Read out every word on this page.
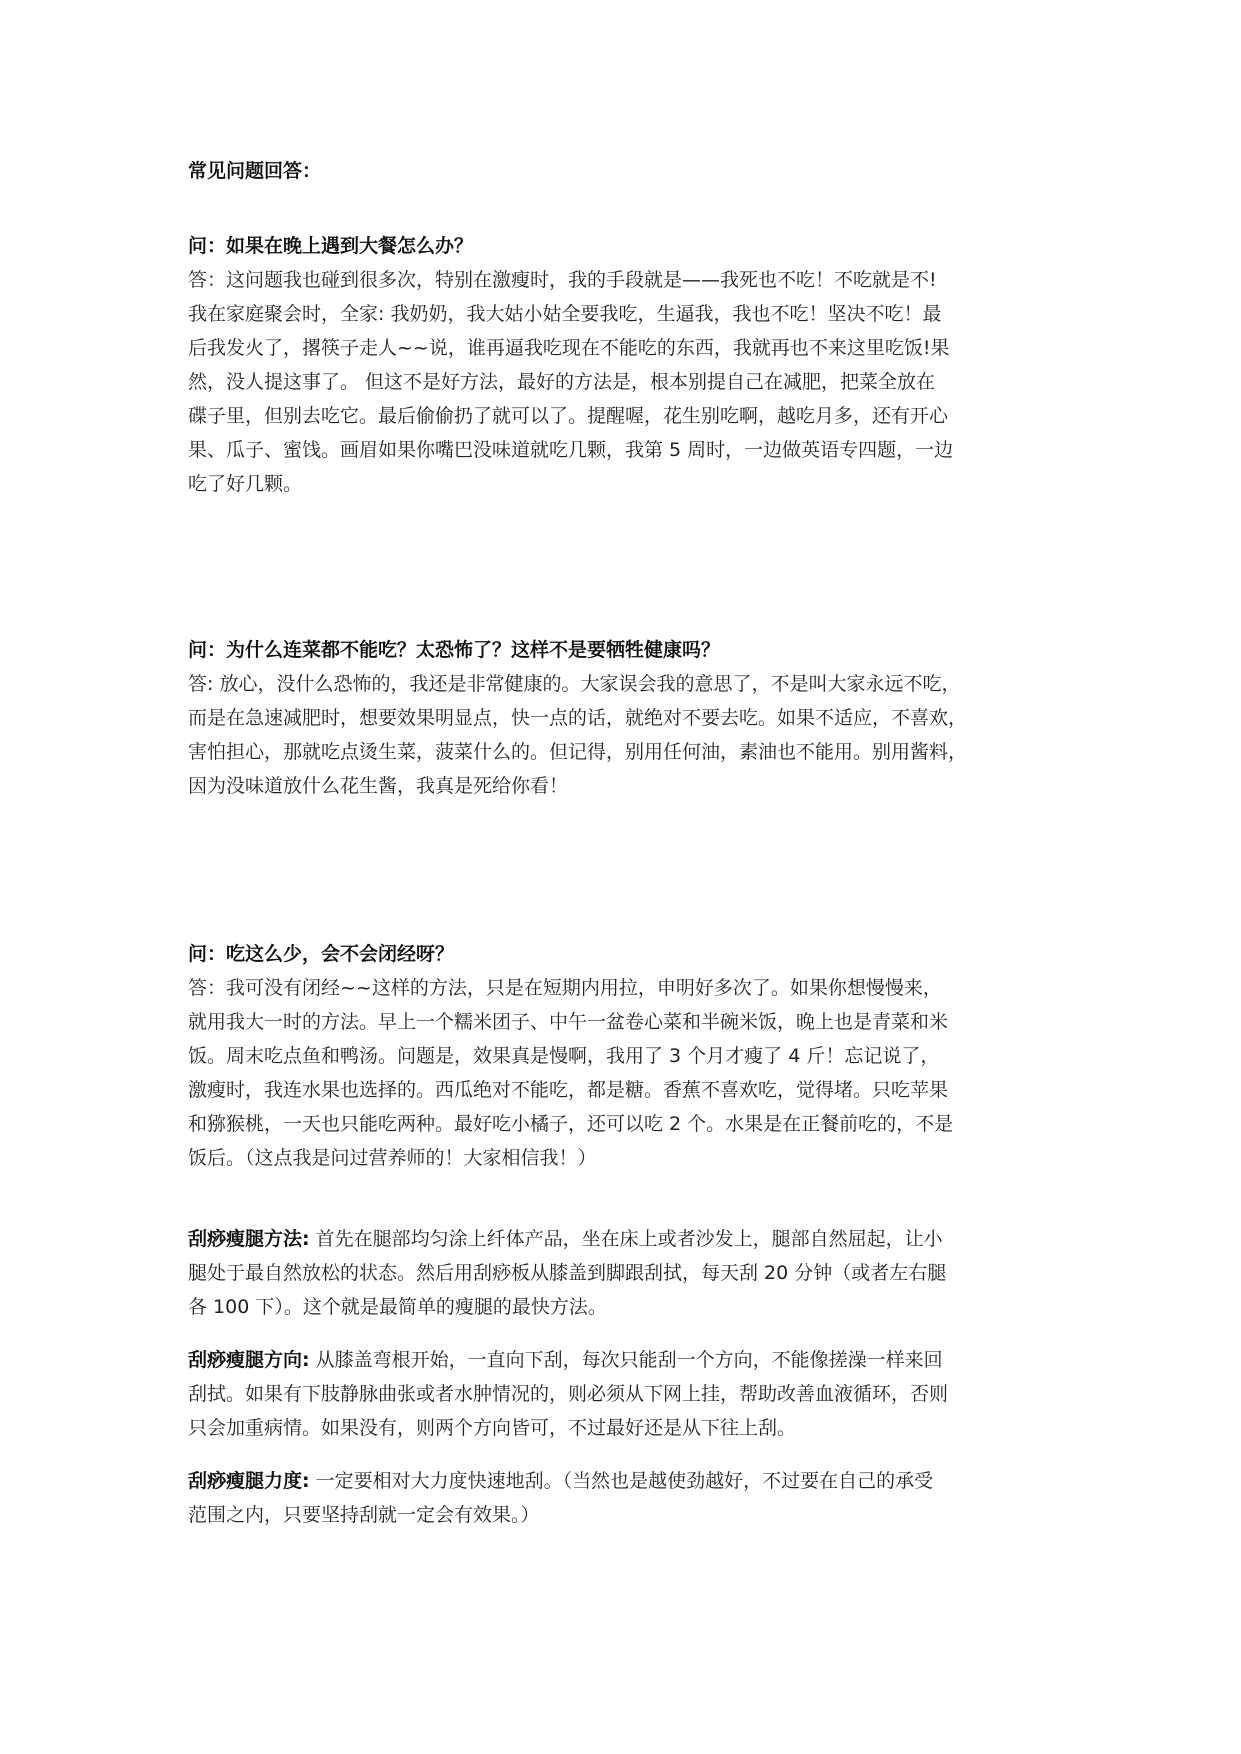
常见问题回答：

问：如果在晚上遇到大餐怎么办？

答：这问题我也碰到很多次，特别在激瘦时，我的手段就是——我死也不吃！不吃就是不!

我在家庭聚会时，全家: 我奶奶，我大姑小姑全要我吃，生逼我，我也不吃！坚决不吃！最

后我发火了，撂筷子走人~~说，谁再逼我吃现在不能吃的东西，我就再也不来这里吃饭!果

然，没人提这事了。 但这不是好方法，最好的方法是，根本别提自己在减肥，把菜全放在

碟子里，但别去吃它。最后偷偷扔了就可以了。提醒喔，花生别吃啊，越吃月多，还有开心

果、瓜子、蜜饯。画眉如果你嘴巴没味道就吃几颗，我第 5 周时，一边做英语专四题，一边

吃了好几颗。

问：为什么连菜都不能吃？太恐怖了？这样不是要牺牲健康吗？

答: 放心，没什么恐怖的，我还是非常健康的。大家误会我的意思了，不是叫大家永远不吃，

而是在急速减肥时，想要效果明显点，快一点的话，就绝对不要去吃。如果不适应，不喜欢，

害怕担心，那就吃点烫生菜，菠菜什么的。但记得，别用任何油，素油也不能用。别用酱料，

因为没味道放什么花生酱，我真是死给你看！

问：吃这么少，会不会闭经呀？

答：我可没有闭经~~这样的方法，只是在短期内用拉，申明好多次了。如果你想慢慢来，

就用我大一时的方法。早上一个糯米团子、中午一盆卷心菜和半碗米饭，晚上也是青菜和米

饭。周末吃点鱼和鸭汤。问题是，效果真是慢啊，我用了 3 个月才瘦了 4 斤！忘记说了，

激瘦时，我连水果也选择的。西瓜绝对不能吃，都是糖。香蕉不喜欢吃，觉得堵。只吃苹果

和猕猴桃，一天也只能吃两种。最好吃小橘子，还可以吃 2 个。水果是在正餐前吃的，不是

饭后。（这点我是问过营养师的！大家相信我！）

刮痧瘦腿方法: 首先在腿部均匀涂上纤体产品，坐在床上或者沙发上，腿部自然屈起，让小

腿处于最自然放松的状态。然后用刮痧板从膝盖到脚跟刮拭，每天刮 20 分钟（或者左右腿

各 100 下）。这个就是最简单的瘦腿的最快方法。

刮痧瘦腿方向: 从膝盖弯根开始，一直向下刮，每次只能刮一个方向，不能像搓澡一样来回

刮拭。如果有下肢静脉曲张或者水肿情况的，则必须从下网上挂，帮助改善血液循环，否则

只会加重病情。如果没有，则两个方向皆可，不过最好还是从下往上刮。

刮痧瘦腿力度: 一定要相对大力度快速地刮。（当然也是越使劲越好，不过要在自己的承受

范围之内，只要坚持刮就一定会有效果。）
